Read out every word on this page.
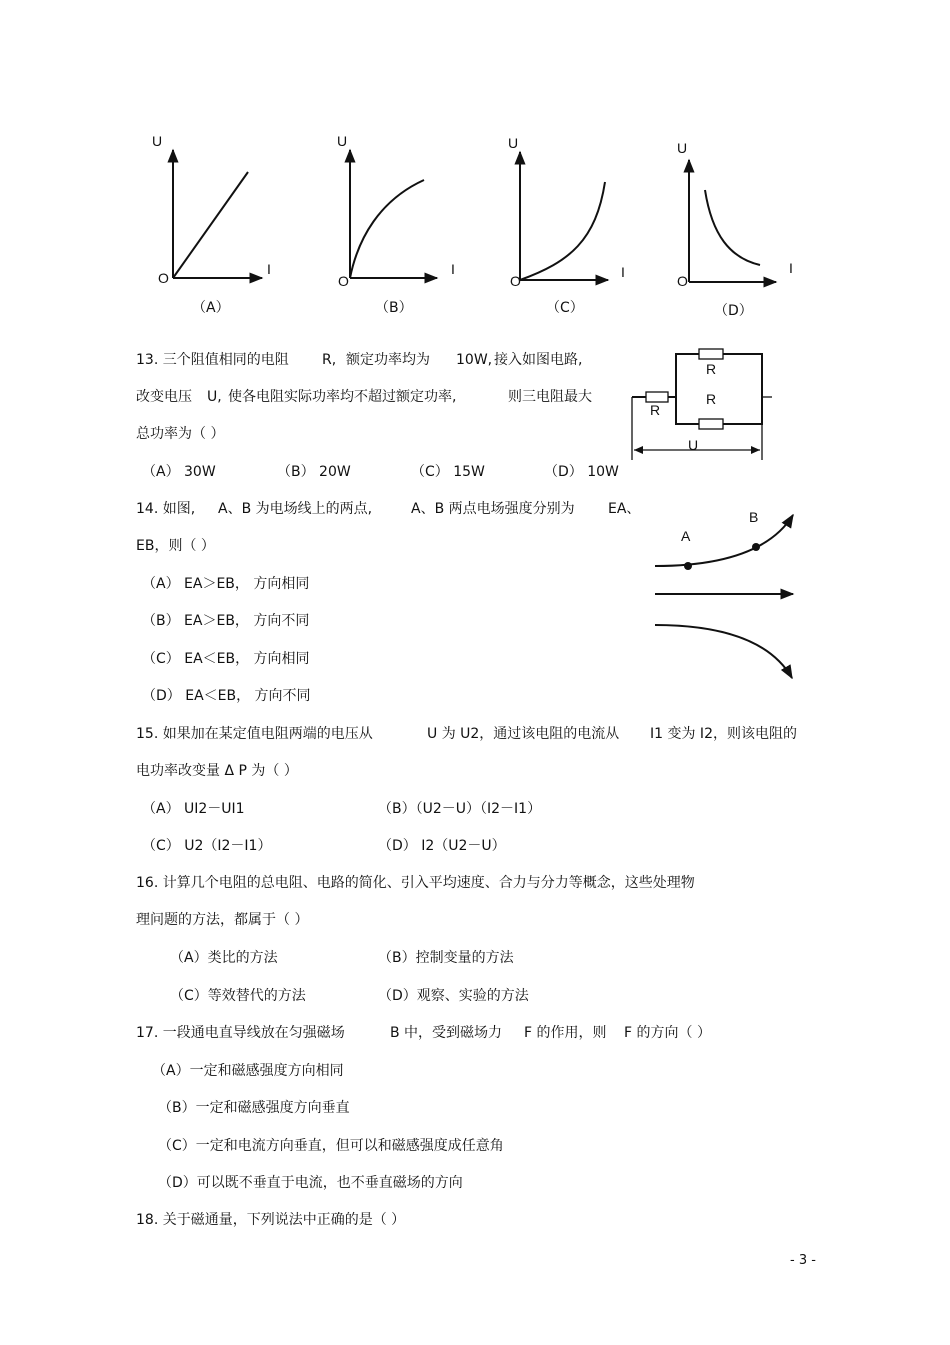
U
I
O
（A）
U
I
O
（B）
U
I
O
（C）
U
I
O
（D）
13. 三个阻值相同的电阻 R, 额定功率均为 10W, 接入如图电路,
改变电压 U, 使各电阻实际功率均不超过额定功率,	则三电阻最大
总功率为（ ）
（A） 30W	（B） 20W	（C） 15W	（D） 10W
R
R
R
U
14. 如图, A、B 为电场线上的两点,	A、B 两点电场强度分别为 EA、
EB，则（ ）
（A） EA＞EB， 方向相同
（B） EA＞EB， 方向不同
（C） EA＜EB， 方向相同
（D） EA＜EB， 方向不同
A
B
15. 如果加在某定值电阻两端的电压从	U 为 U2，通过该电阻的电流从 I1 变为 I2，则该电阻的
电功率改变量 Δ P 为（ ）
（A） UI2－UI1	（B）（U2－U）（I2－I1）
（C） U2（I2－I1）	（D） I2（U2－U）
16. 计算几个电阻的总电阻、电路的简化、引入平均速度、合力与分力等概念，这些处理物
理问题的方法，都属于（ ）
（A）类比的方法	（B）控制变量的方法
（C）等效替代的方法	（D）观察、实验的方法
17. 一段通电直导线放在匀强磁场	B 中，受到磁场力 F 的作用，则 F 的方向（ ）
（A）一定和磁感强度方向相同
（B）一定和磁感强度方向垂直
（C）一定和电流方向垂直，但可以和磁感强度成任意角
（D）可以既不垂直于电流，也不垂直磁场的方向
18. 关于磁通量，下列说法中正确的是（ ）
- 3 -
